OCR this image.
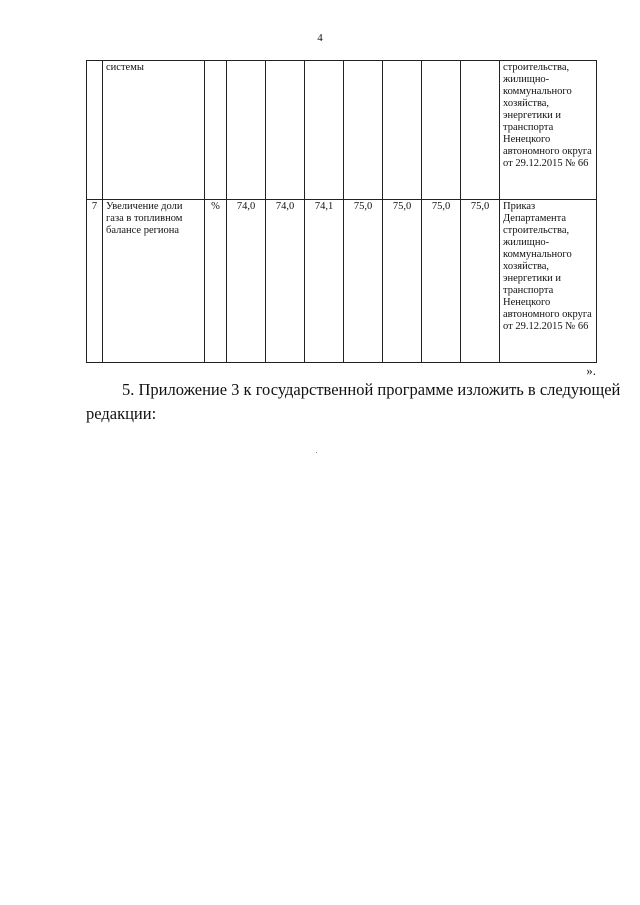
4
	системы									строительства, жилищно-коммунального хозяйства, энергетики и транспорта Ненецкого автономного округа от 29.12.2015 № 66
7	Увеличение доли газа в топливном балансе региона	%	74,0	74,0	74,1	75,0	75,0	75,0	75,0	Приказ Департамента строительства, жилищно-коммунального хозяйства, энергетики и транспорта Ненецкого автономного округа от 29.12.2015 № 66
».

5. Приложение 3 к государственной программе изложить в следующей
редакции:
